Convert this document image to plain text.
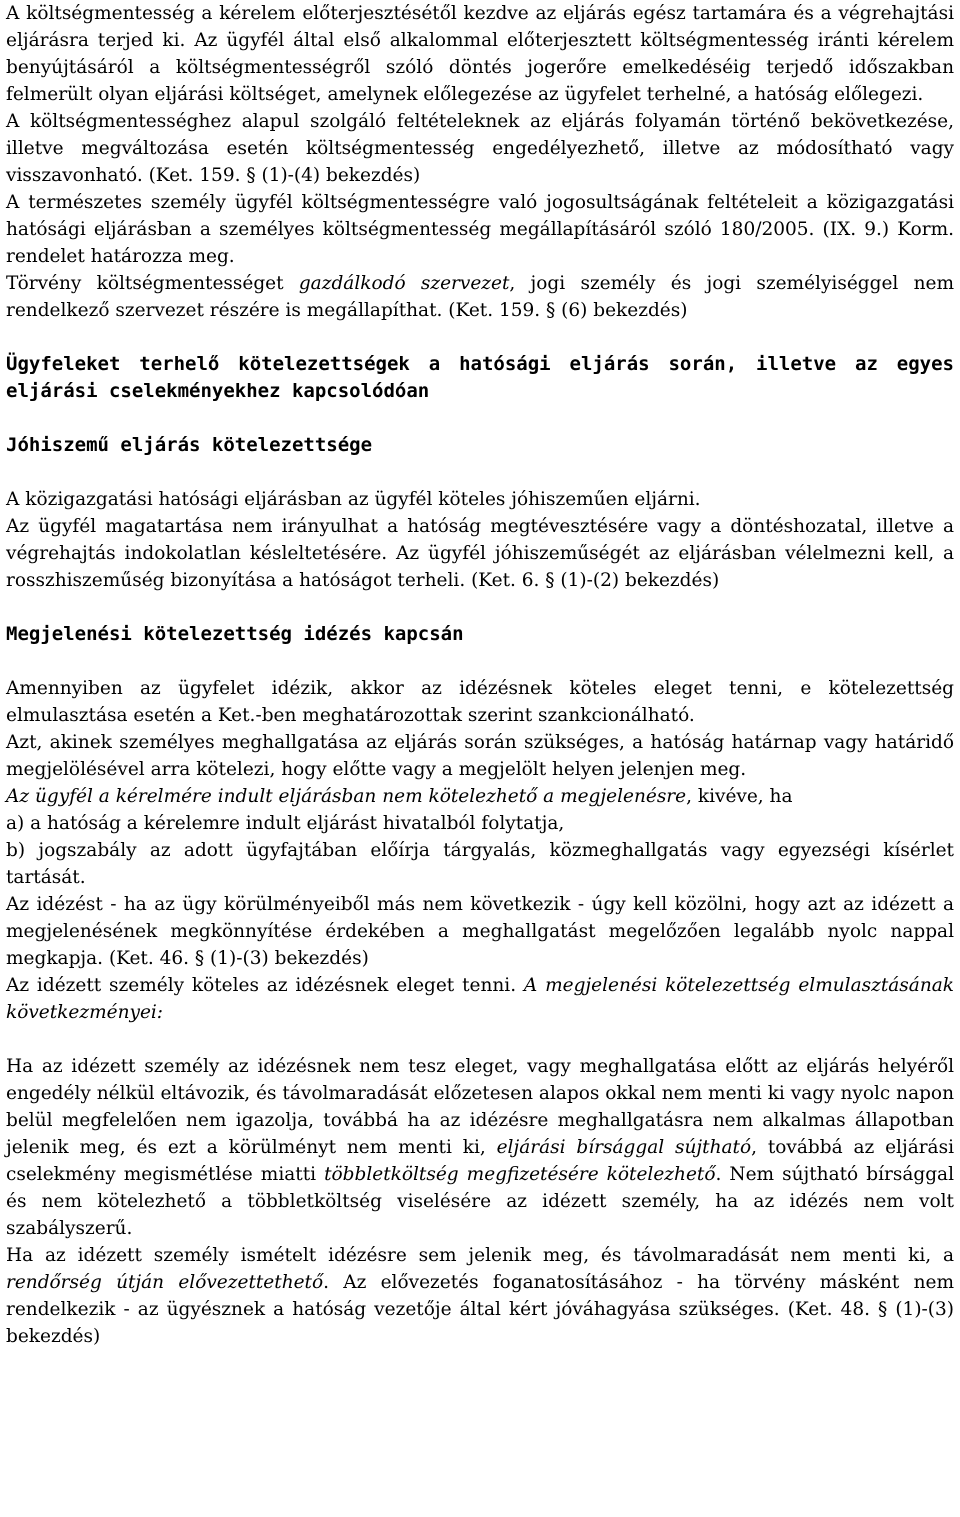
A költségmentesség a kérelem előterjesztésétől kezdve az eljárás egész tartamára és a végrehajtási eljárásra terjed ki. Az ügyfél által első alkalommal előterjesztett költségmentesség iránti kérelem benyújtásáról a költségmentességről szóló döntés jogerőre emelkedéséig terjedő időszakban felmerült olyan eljárási költséget, amelynek előlegezése az ügyfelet terhelné, a hatóság előlegezi.

A költségmentességhez alapul szolgáló feltételeknek az eljárás folyamán történő bekövetkezése, illetve megváltozása esetén költségmentesség engedélyezhető, illetve az módosítható vagy visszavonható. (Ket. 159. § (1)-(4) bekezdés)

A természetes személy ügyfél költségmentességre való jogosultságának feltételeit a közigazgatási hatósági eljárásban a személyes költségmentesség megállapításáról szóló 180/2005. (IX. 9.) Korm. rendelet határozza meg.

Törvény költségmentességet gazdálkodó szervezet, jogi személy és jogi személyiséggel nem rendelkező szervezet részére is megállapíthat. (Ket. 159. § (6) bekezdés)

Ügyfeleket terhelő kötelezettségek a hatósági eljárás során, illetve az egyes eljárási cselekményekhez kapcsolódóan

Jóhiszemű eljárás kötelezettsége

A közigazgatási hatósági eljárásban az ügyfél köteles jóhiszeműen eljárni.

Az ügyfél magatartása nem irányulhat a hatóság megtévesztésére vagy a döntéshozatal, illetve a végrehajtás indokolatlan késleltetésére. Az ügyfél jóhiszeműségét az eljárásban vélelmezni kell, a rosszhiszeműség bizonyítása a hatóságot terheli. (Ket. 6. § (1)-(2) bekezdés)

Megjelenési kötelezettség idézés kapcsán

Amennyiben az ügyfelet idézik, akkor az idézésnek köteles eleget tenni, e kötelezettség elmulasztása esetén a Ket.-ben meghatározottak szerint szankcionálható.

Azt, akinek személyes meghallgatása az eljárás során szükséges, a hatóság határnap vagy határidő megjelölésével arra kötelezi, hogy előtte vagy a megjelölt helyen jelenjen meg.

Az ügyfél a kérelmére indult eljárásban nem kötelezhető a megjelenésre, kivéve, ha

a) a hatóság a kérelemre indult eljárást hivatalból folytatja,

b) jogszabály az adott ügyfajtában előírja tárgyalás, közmeghallgatás vagy egyezségi kísérlet tartását.

Az idézést - ha az ügy körülményeiből más nem következik - úgy kell közölni, hogy azt az idézett a megjelenésének megkönnyítése érdekében a meghallgatást megelőzően legalább nyolc nappal megkapja. (Ket. 46. § (1)-(3) bekezdés)

Az idézett személy köteles az idézésnek eleget tenni. A megjelenési kötelezettség elmulasztásának következményei:

Ha az idézett személy az idézésnek nem tesz eleget, vagy meghallgatása előtt az eljárás helyéről engedély nélkül eltávozik, és távolmaradását előzetesen alapos okkal nem menti ki vagy nyolc napon belül megfelelően nem igazolja, továbbá ha az idézésre meghallgatásra nem alkalmas állapotban jelenik meg, és ezt a körülményt nem menti ki, eljárási bírsággal sújtható, továbbá az eljárási cselekmény megismétlése miatti többletköltség megfizetésére kötelezhető. Nem sújtható bírsággal és nem kötelezhető a többletköltség viselésére az idézett személy, ha az idézés nem volt szabályszerű.

Ha az idézett személy ismételt idézésre sem jelenik meg, és távolmaradását nem menti ki, a rendőrség útján elővezettethető. Az elővezetés foganatosításához - ha törvény másként nem rendelkezik - az ügyésznek a hatóság vezetője által kért jóváhagyása szükséges. (Ket. 48. § (1)-(3) bekezdés)
